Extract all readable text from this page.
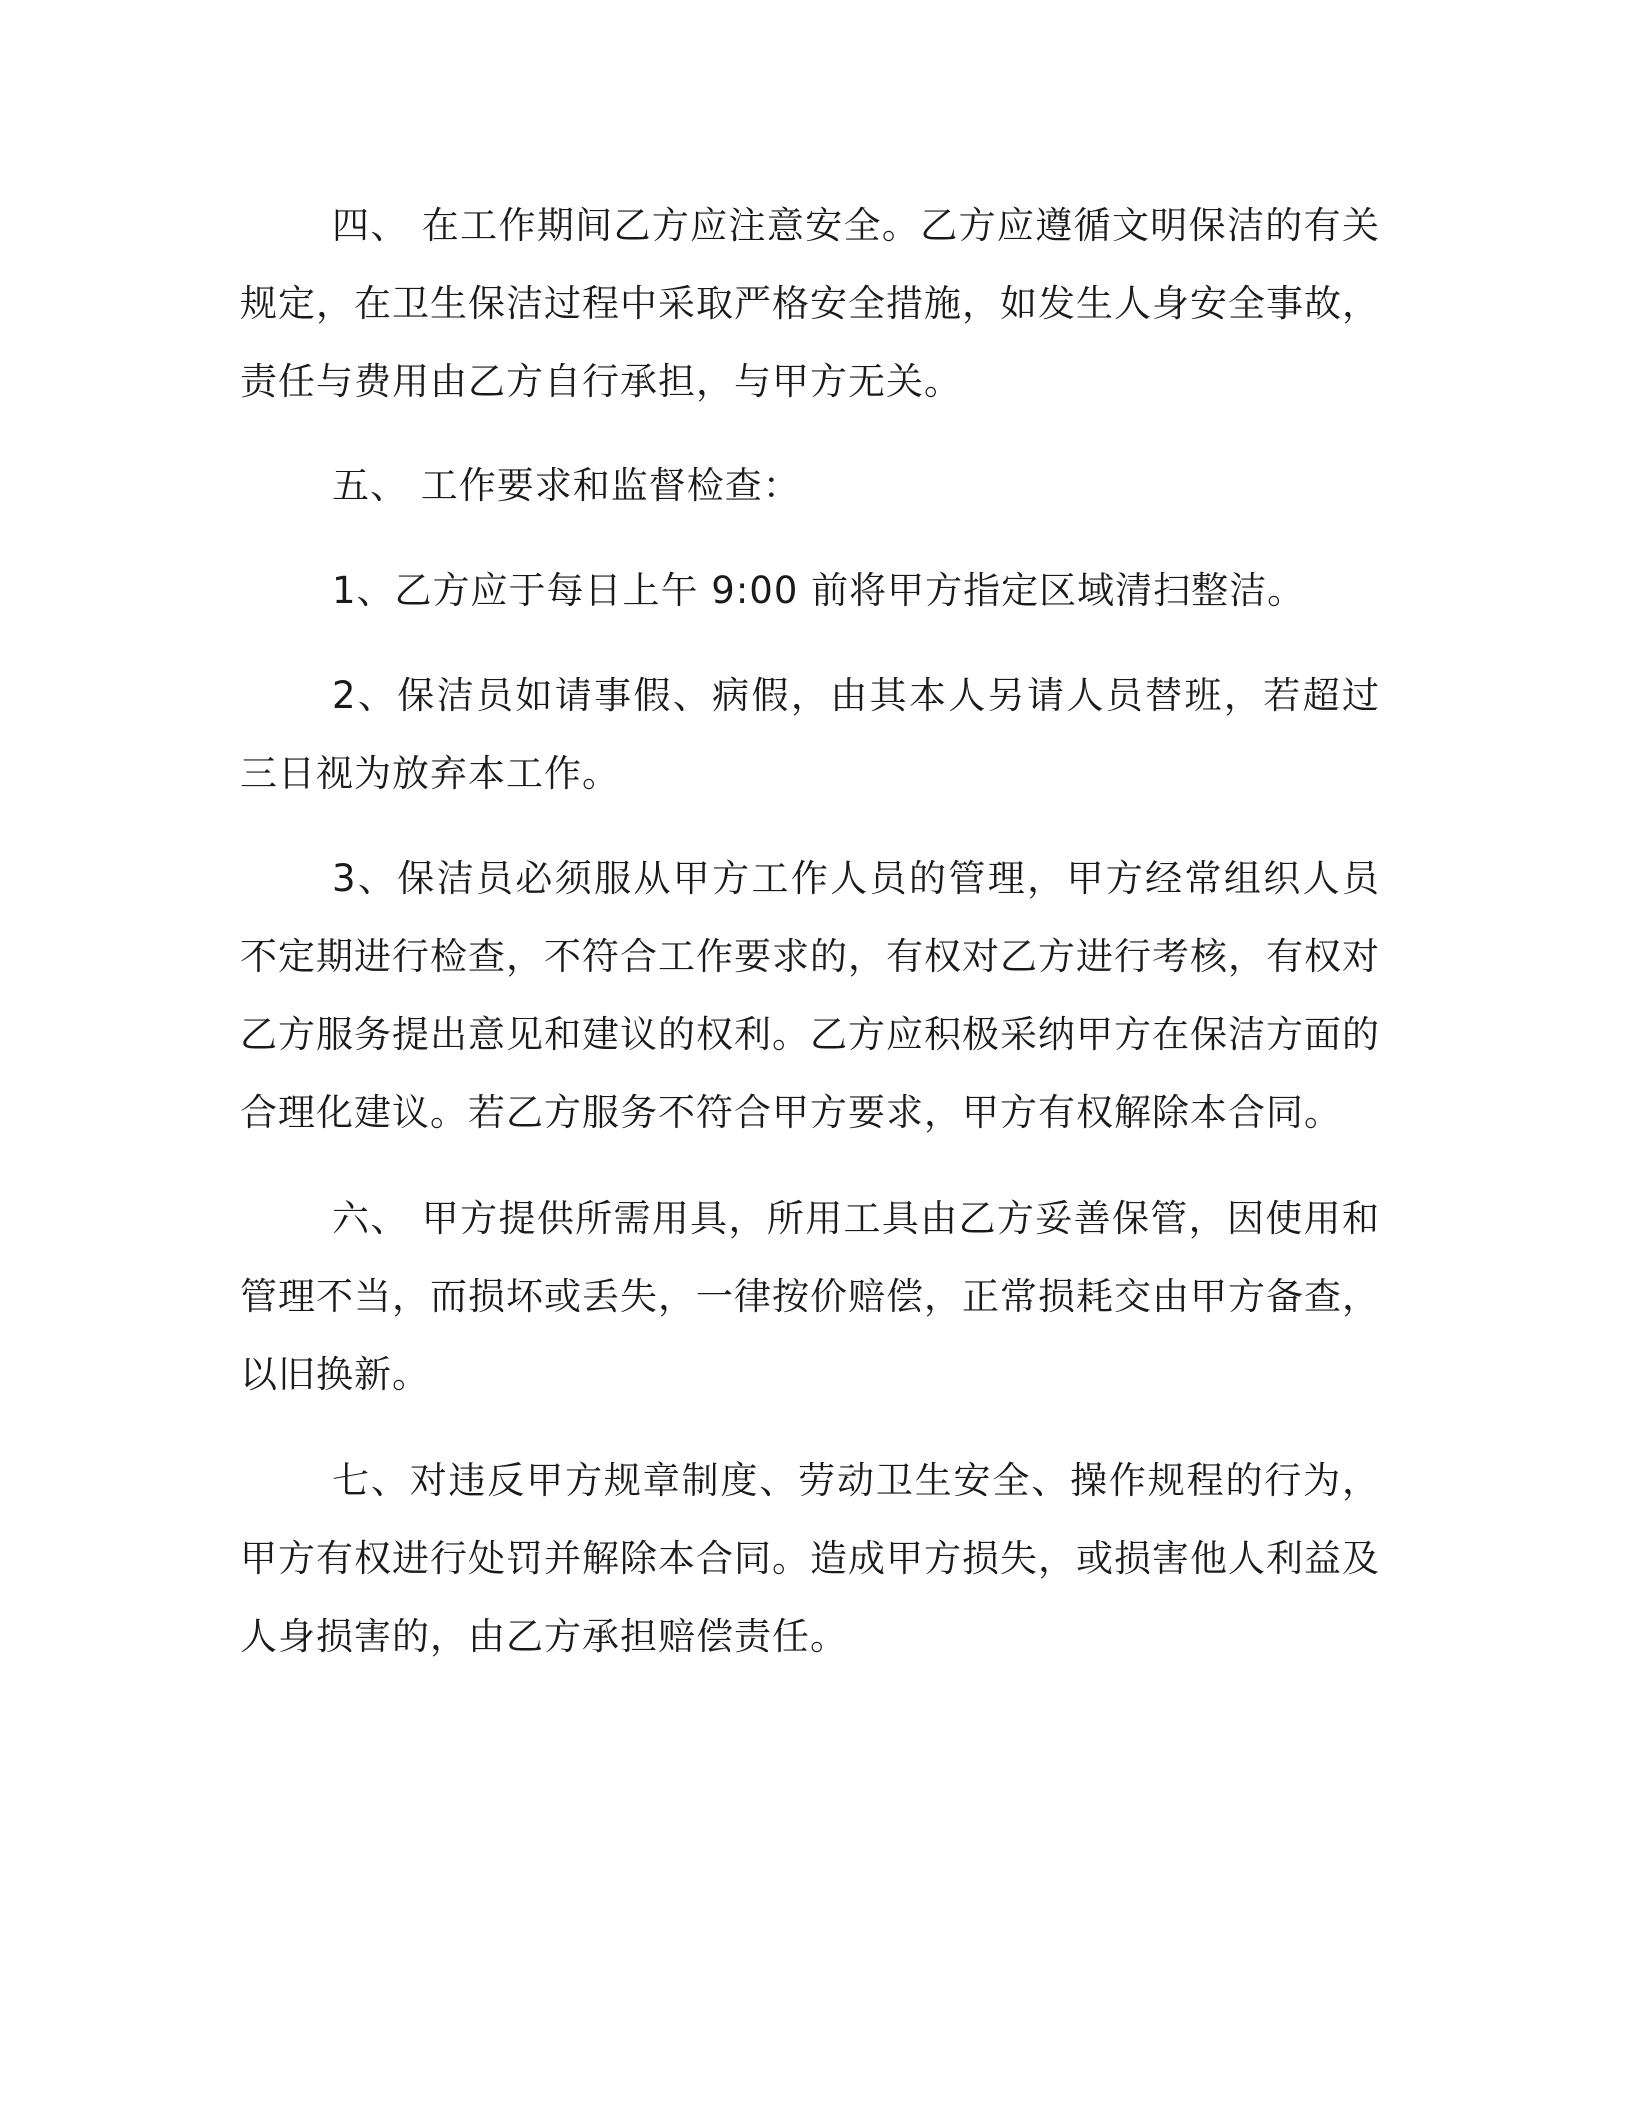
四、 在工作期间乙方应注意安全。乙方应遵循文明保洁的有关规定，在卫生保洁过程中采取严格安全措施，如发生人身安全事故，责任与费用由乙方自行承担，与甲方无关。

五、 工作要求和监督检查：

1、乙方应于每日上午 9:00 前将甲方指定区域清扫整洁。

2、保洁员如请事假、病假，由其本人另请人员替班，若超过三日视为放弃本工作。

3、保洁员必须服从甲方工作人员的管理，甲方经常组织人员不定期进行检查，不符合工作要求的，有权对乙方进行考核，有权对乙方服务提出意见和建议的权利。乙方应积极采纳甲方在保洁方面的合理化建议。若乙方服务不符合甲方要求，甲方有权解除本合同。

六、 甲方提供所需用具，所用工具由乙方妥善保管，因使用和管理不当，而损坏或丢失，一律按价赔偿，正常损耗交由甲方备查，以旧换新。

七、对违反甲方规章制度、劳动卫生安全、操作规程的行为，甲方有权进行处罚并解除本合同。造成甲方损失，或损害他人利益及人身损害的，由乙方承担赔偿责任。
